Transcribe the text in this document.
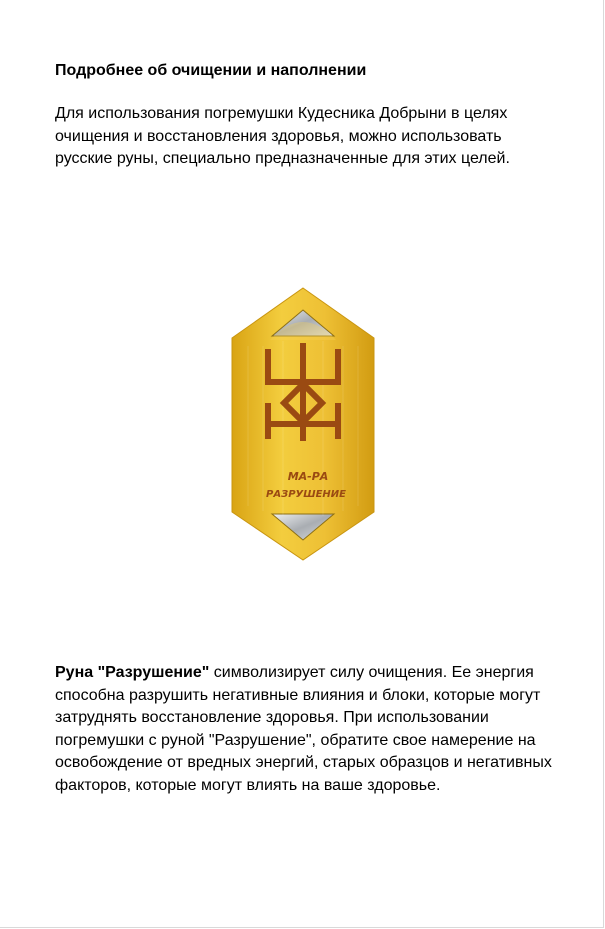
Подробнее об очищении и наполнении

Для использования погремушки Кудесника Добрыни в целях очищения и восстановления здоровья, можно использовать русские руны, специально предназначенные для этих целей.

МА-РА
РАЗРУШЕНИЕ

Руна "Разрушение" символизирует силу очищения. Ее энергия способна разрушить негативные влияния и блоки, которые могут затруднять восстановление здоровья. При использовании погремушки с руной "Разрушение", обратите свое намерение на освобождение от вредных энергий, старых образцов и негативных факторов, которые могут влиять на ваше здоровье.
